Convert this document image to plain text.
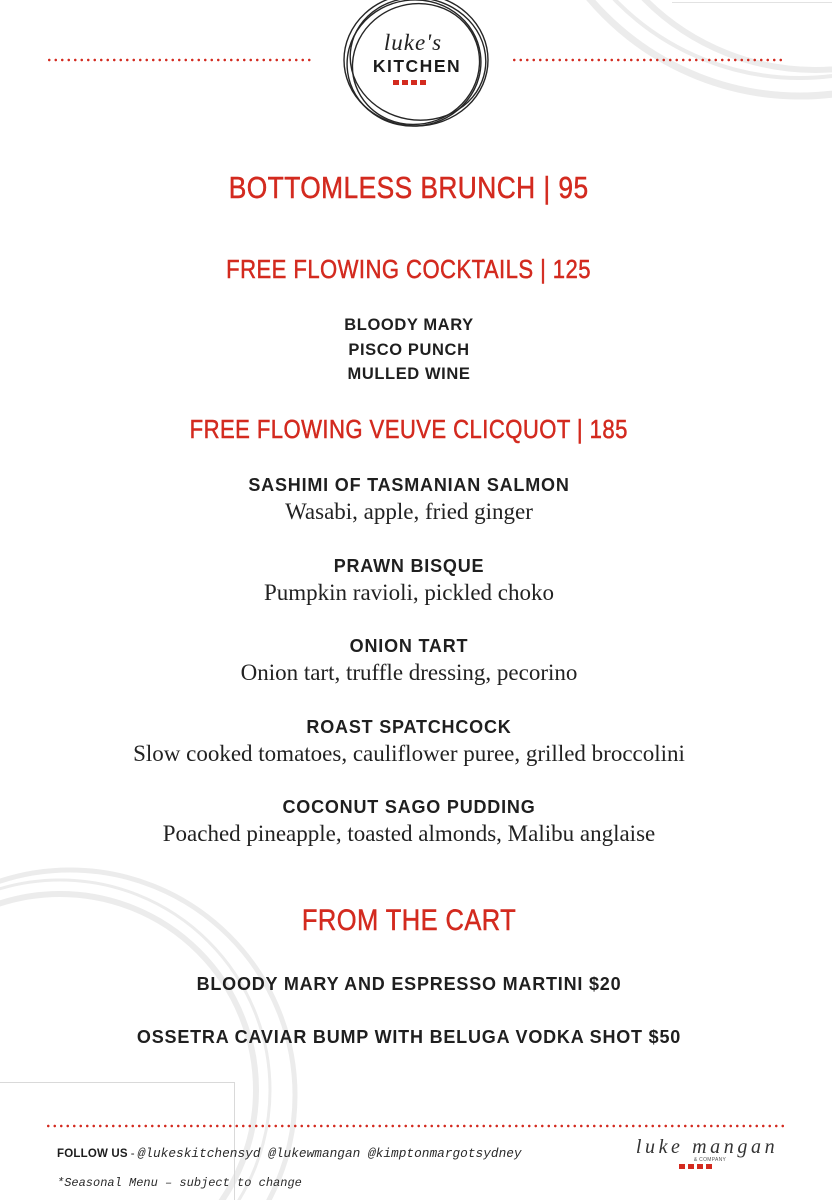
luke's
KITCHEN
BOTTOMLESS BRUNCH | 95
FREE FLOWING COCKTAILS | 125
BLOODY MARY
PISCO PUNCH
MULLED WINE
FREE FLOWING VEUVE CLICQUOT | 185
SASHIMI OF TASMANIAN SALMON
Wasabi, apple, fried ginger
PRAWN BISQUE
Pumpkin ravioli, pickled choko
ONION TART
Onion tart, truffle dressing, pecorino
ROAST SPATCHCOCK
Slow cooked tomatoes, cauliflower puree, grilled broccolini
COCONUT SAGO PUDDING
Poached pineapple, toasted almonds, Malibu anglaise
FROM THE CART
BLOODY MARY AND ESPRESSO MARTINI $20
OSSETRA CAVIAR BUMP WITH BELUGA VODKA SHOT $50
FOLLOW US - @lukeskitchensyd @lukewmangan @kimptonmargotsydney
*Seasonal Menu – subject to change
luke mangan
& COMPANY
